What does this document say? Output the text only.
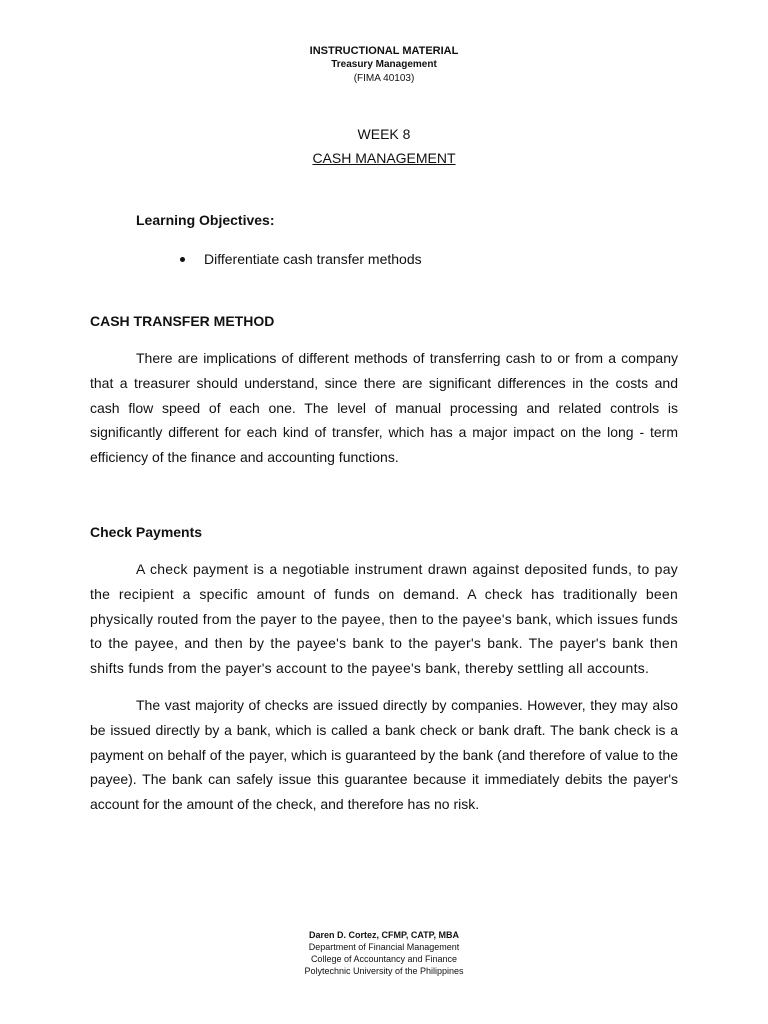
INSTRUCTIONAL MATERIAL
Treasury Management
(FIMA 40103)
WEEK 8
CASH MANAGEMENT
Learning Objectives:
Differentiate cash transfer methods
CASH TRANSFER METHOD

There are implications of different methods of transferring cash to or from a company that a treasurer should understand, since there are significant differences in the costs and cash flow speed of each one. The level of manual processing and related controls is significantly different for each kind of transfer, which has a major impact on the long - term efficiency of the finance and accounting functions.

Check Payments

A check payment is a negotiable instrument drawn against deposited funds, to pay the recipient a specific amount of funds on demand. A check has traditionally been physically routed from the payer to the payee, then to the payee's bank, which issues funds to the payee, and then by the payee's bank to the payer's bank. The payer's bank then shifts funds from the payer's account to the payee's bank, thereby settling all accounts.

The vast majority of checks are issued directly by companies. However, they may also be issued directly by a bank, which is called a bank check or bank draft. The bank check is a payment on behalf of the payer, which is guaranteed by the bank (and therefore of value to the payee). The bank can safely issue this guarantee because it immediately debits the payer's account for the amount of the check, and therefore has no risk.

Daren D. Cortez, CFMP, CATP, MBA
Department of Financial Management
College of Accountancy and Finance
Polytechnic University of the Philippines
